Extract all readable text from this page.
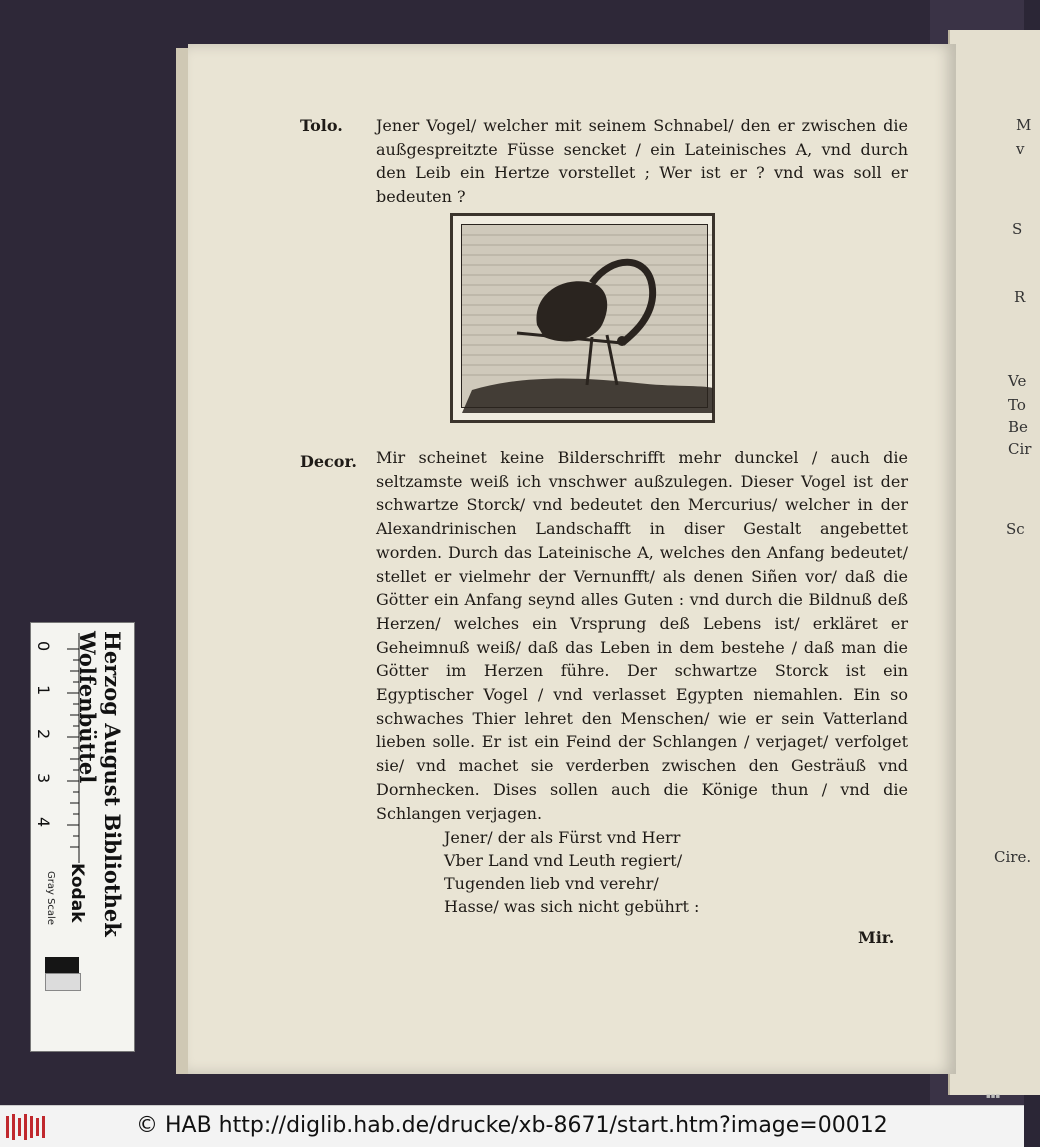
M
v
S
R
Ve
To
Be
Cir
Sc
Cire.
Tolo. Jener Vogel/ welcher mit seinem Schnabel/ den er zwischen die außgespreitzte Füsse sencket / ein Lateinisches A, vnd durch den Leib ein Hertze vorstellet ; Wer ist er ? vnd was soll er bedeuten ?
Decor. Mir scheinet keine Bilderschrifft mehr dunckel / auch die seltzamste weiß ich vnschwer außzulegen. Dieser Vogel ist der schwartze Storck/ vnd bedeutet den Mercurius/ welcher in der Alexandrinischen Landschafft in diser Gestalt angebettet worden. Durch das Lateinische A, welches den Anfang bedeutet/ stellet er vielmehr der Vernunfft/ als denen Siñen vor/ daß die Götter ein Anfang seynd alles Guten : vnd durch die Bildnuß deß Herzen/ welches ein Vrsprung deß Lebens ist/ erkläret er Geheimnuß weiß/ daß das Leben in dem bestehe / daß man die Götter im Herzen führe. Der schwartze Storck ist ein Egyptischer Vogel / vnd verlasset Egypten niemahlen. Ein so schwaches Thier lehret den Menschen/ wie er sein Vatterland lieben solle. Er ist ein Feind der Schlangen / verjaget/ verfolget sie/ vnd machet sie verderben zwischen den Gesträuß vnd Dornhecken. Dises sollen auch die Könige thun / vnd die Schlangen verjagen.
Jener/ der als Fürst vnd Herr
Vber Land vnd Leuth regiert/
Tugenden lieb vnd verehr/
Hasse/ was sich nicht gebührt :
Mir.
Herzog August Bibliothek Wolfenbüttel
0
1
2
3
4
Kodak
Gray Scale
▪▪▪
© HAB http://diglib.hab.de/drucke/xb-8671/start.htm?image=00012
